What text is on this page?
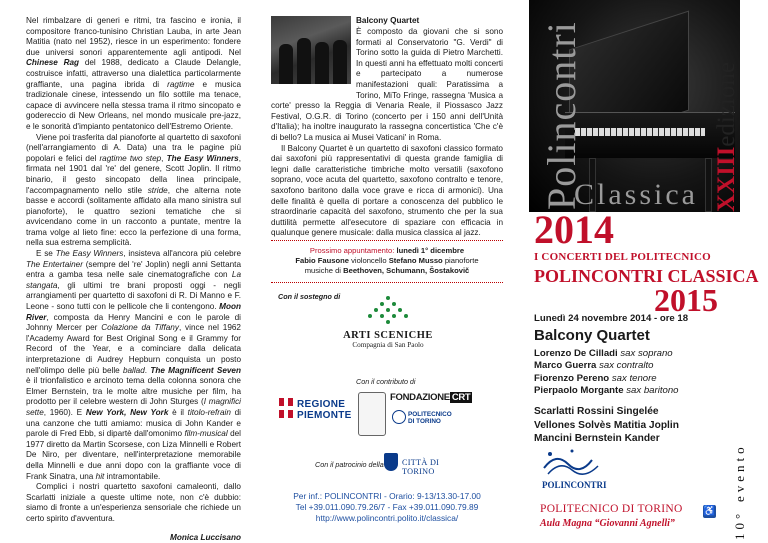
Nel rimbalzare di generi e ritmi, tra fascino e ironia, il compositore franco-tunisino Christian Lauba, in arte Jean Matitia (nato nel 1952), riesce in un esperimento: fondere due universi sonori apparentemente agli antipodi. Nel Chinese Rag del 1988, dedicato a Claude Delangle, costruisce infatti, attraverso una dialettica particolarmente graffiante, una pagina ibrida di ragtime e musica tradizionale cinese, intessendo un filo sottile ma tenace, capace di avvincere nella stessa trama il ritmo sincopato e godereccio di New Orleans, nel mondo musicale pre-jazz, e le sonorità d'impianto pentatonico dell'Estremo Oriente.

Viene poi trasferita dal pianoforte al quartetto di saxofoni (nell'arrangiamento di A. Data) una tra le pagine più popolari e felici del ragtime two step, The Easy Winners, firmata nel 1901 dal 're' del genere, Scott Joplin. Il ritmo binario, il gesto sincopato della linea principale, l'accompagnamento nello stile stride, che alterna note basse e accordi (solitamente affidato alla mano sinistra sul pianoforte), le quattro sezioni tematiche che si avvicendano come in un racconto a puntate, mentre la trama volge al lieto fine: ecco la perfezione di una forma, nella sua estrema semplicità.

E se The Easy Winners, insisteva all'ancora più celebre The Entertainer (sempre del 're' Joplin) negli anni Settanta entra a gamba tesa nelle sale cinematografiche con La stangata, gli ultimi tre brani proposti oggi - negli arrangiamenti per quartetto di saxofoni di R. Di Manno e F. Leone - sono tutti con le pellicole che li contengono. Moon River, composta da Henry Mancini e con le parole di Johnny Mercer per Colazione da Tiffany, vince nel 1962 l'Academy Award for Best Original Song e il Grammy for Record of the Year, e a cominciare dalla delicata interpretazione di Audrey Hepburn conquista un posto nell'olimpo delle più belle ballad. The Magnificent Seven è il trionfalistico e arcinoto tema della colonna sonora che Elmer Bernstein, tra le molte altre musiche per film, ha prodotto per il celebre western di John Sturges (I magnifici sette, 1960). E New York, New York è il titolo-refrain di una canzone che tutti amiamo: musica di John Kander e parole di Fred Ebb, si dipartè dall'omonimo film-musical del 1977 diretto da Martin Scorsese, con Liza Minnelli e Robert De Niro, per diventare, nell'interpretazione memorabile della Minnelli e due anni dopo con la graffiante voce di Frank Sinatra, una hit intramontabile.

Complici i nostri quartetto saxofoni camaleonti, dallo Scarlatti iniziale a queste ultime note, non c'è dubbio: siamo di fronte a un'esperienza sensoriale che richiede un certo spirito d'avventura.

Monica Luccisano

Balcony Quartet

È composto da giovani che si sono formati al Conservatorio "G. Verdi" di Torino sotto la guida di Pietro Marchetti. In questi anni ha effettuato molti concerti e partecipato a numerose manifestazioni quali: Paratissima a Torino, MiTo Fringe, rassegna 'Musica a corte' presso la Reggia di Venaria Reale, il Piossasco Jazz Festival, O.G.R. di Torino (concerto per i 150 anni dell'Unità d'Italia); ha inoltre inaugurato la rassegna concertistica 'Che c'è di bello? La musica ai Musei Vaticani' in Roma.

Il Balcony Quartet è un quartetto di saxofoni classico formato dai saxofoni più rappresentativi di questa grande famiglia di legni dalle caratteristiche timbriche molto versatili (saxofono soprano, voce acuta del quartetto, saxofono contralto e tenore, saxofono baritono dalla voce grave e ricca di armonici). Una delle finalità è quella di portare a conoscenza del pubblico le straordinarie capacità del saxofono, strumento che per la sua duttilità permette all'esecutore di spaziare con efficacia in qualunque genere musicale: dalla musica classica al jazz.

Prossimo appuntamento: lunedì 1° dicembre
Fabio Fausone violoncello Stefano Musso pianoforte
musiche di Beethoven, Schumann, Šostakovič
Con il sostegno di
ARTI SCENICHE
Compagnia di San Paolo
Con il contributo di
REGIONE
PIEMONTE
FONDAZIONE CRT
POLITECNICO
DI TORINO
Con il patrocinio della CITTÀ DI TORINO
Per inf.: POLINCONTRI - Orario: 9-13/13.30-17.00
Tel +39.011.090.79.26/7 - Fax +39.011.090.79.89
http://www.polincontri.polito.it/classica/
Polincontri
Classica XXIIIedizione
2014
I CONCERTI DEL POLITECNICO
POLINCONTRI CLASSICA
2015
Lunedì 24 novembre 2014 - ore 18
Balcony Quartet
Lorenzo De Cilladi sax soprano
Marco Guerra sax contralto
Fiorenzo Pereno sax tenore
Pierpaolo Morgante sax baritono
Scarlatti Rossini Singelée
Vellones Solvès Matitia Joplin
Mancini Bernstein Kander
POLINCONTRI
POLITECNICO DI TORINO
Aula Magna “Giovanni Agnelli”
♿	10° evento
